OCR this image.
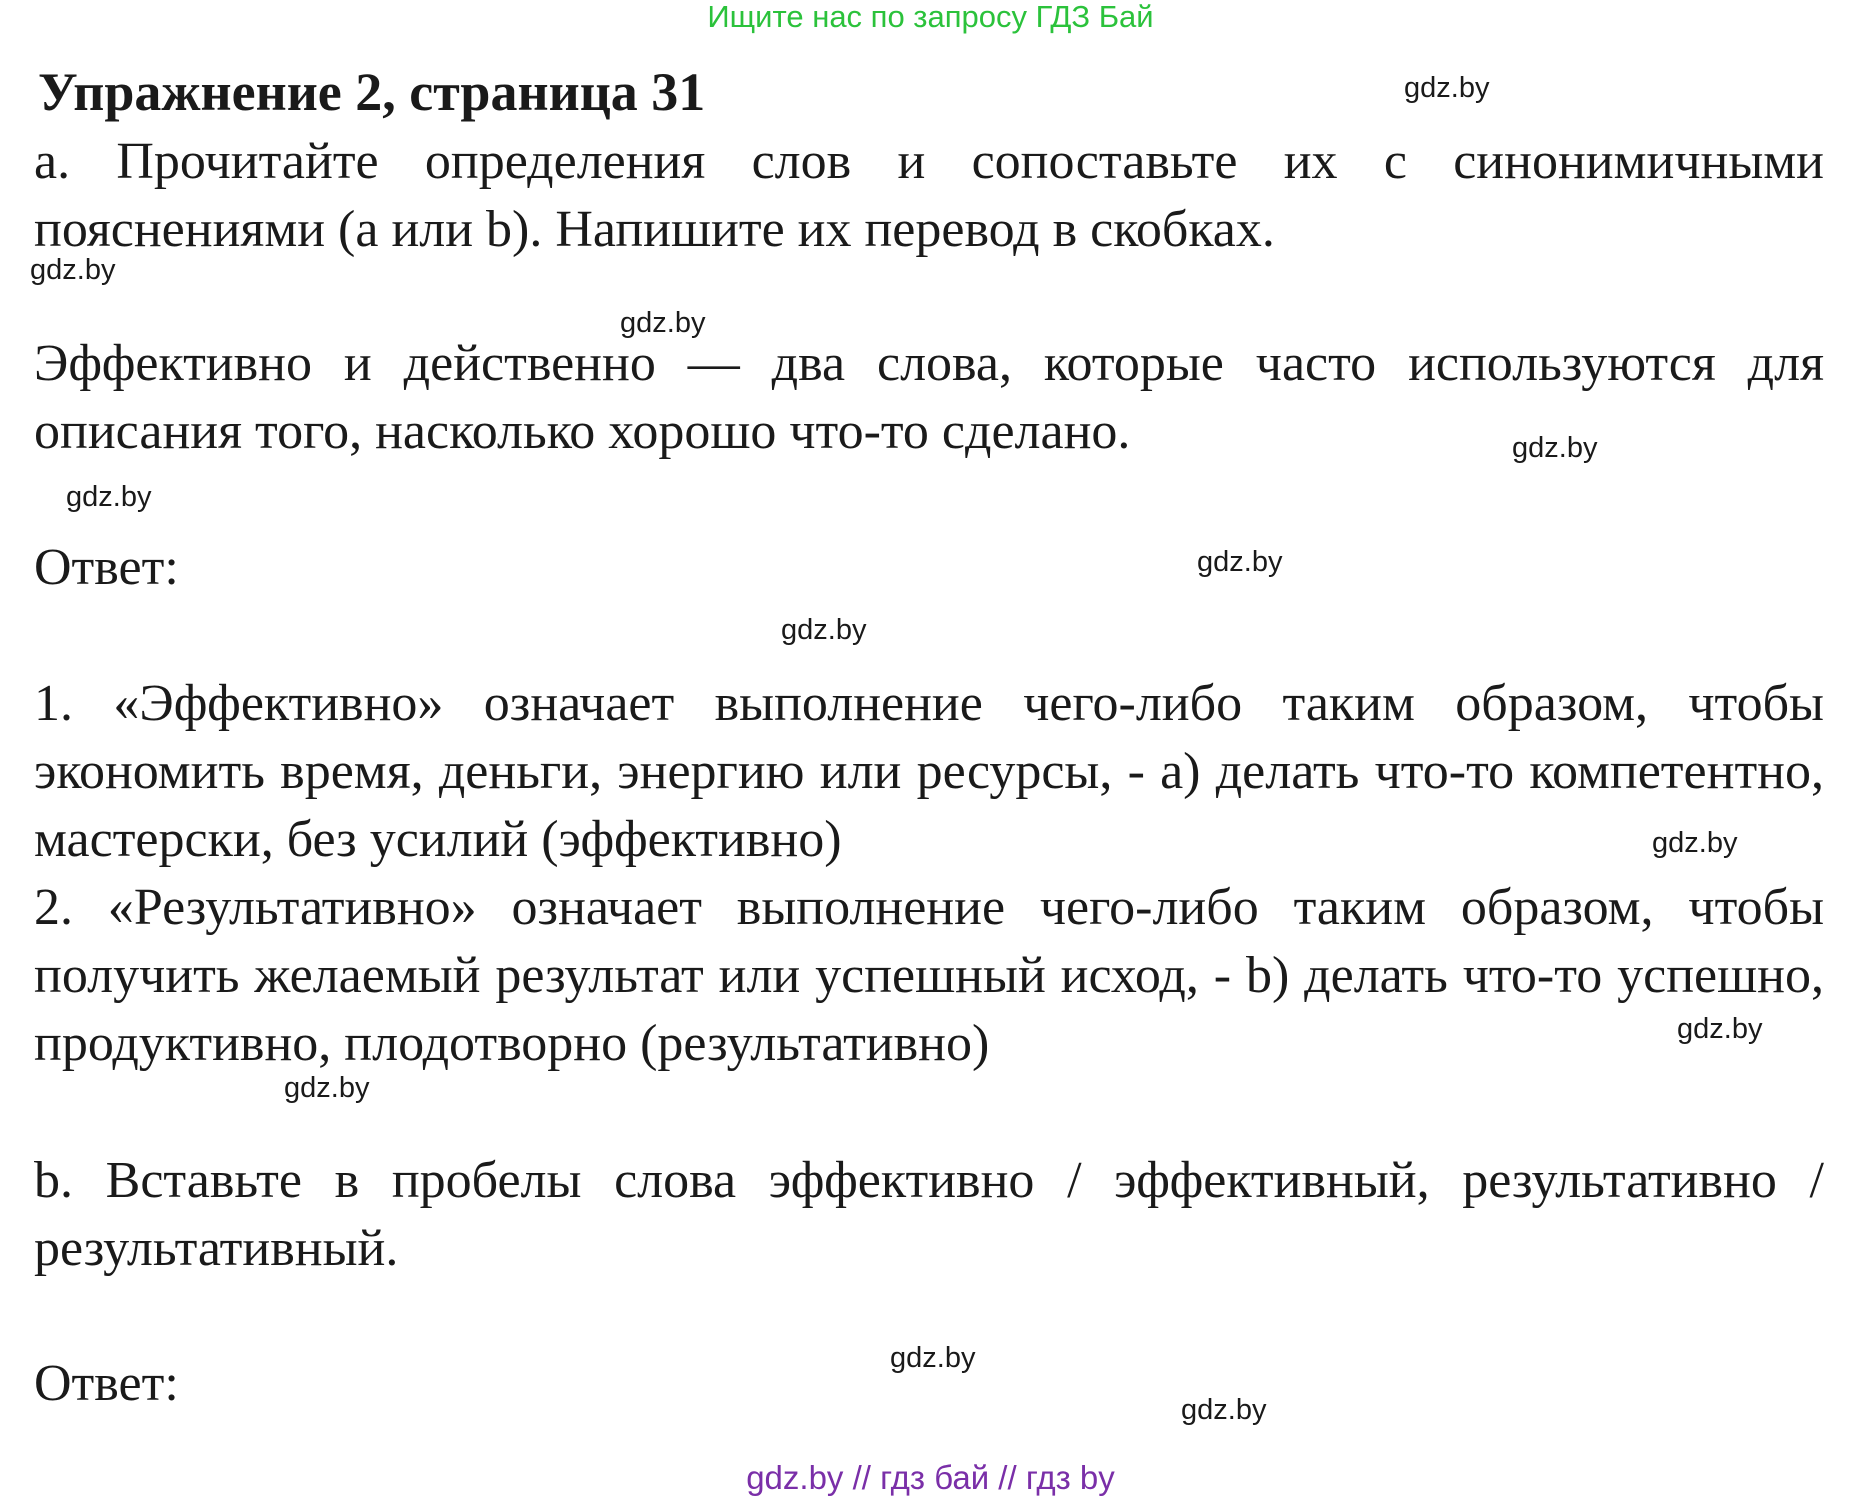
Ищите нас по запросу ГДЗ Бай
Упражнение 2, страница 31
a. Прочитайте определения слов и сопоставьте их с синонимичными пояснениями (a или b). Напишите их перевод в скобках.
Эффективно и действенно — два слова, которые часто используются для описания того, насколько хорошо что-то сделано.
Ответ:
1. «Эффективно» означает выполнение чего-либо таким образом, чтобы экономить время, деньги, энергию или ресурсы, - a) делать что-то компетентно, мастерски, без усилий (эффективно)
2. «Результативно» означает выполнение чего-либо таким образом, чтобы получить желаемый результат или успешный исход, - b) делать что-то успешно, продуктивно, плодотворно (результативно)
b. Вставьте в пробелы слова эффективно / эффективный, результативно / результативный.
Ответ:
gdz.by
gdz.by
gdz.by
gdz.by
gdz.by
gdz.by
gdz.by
gdz.by
gdz.by
gdz.by
gdz.by
gdz.by
gdz.by // гдз бай // гдз by
